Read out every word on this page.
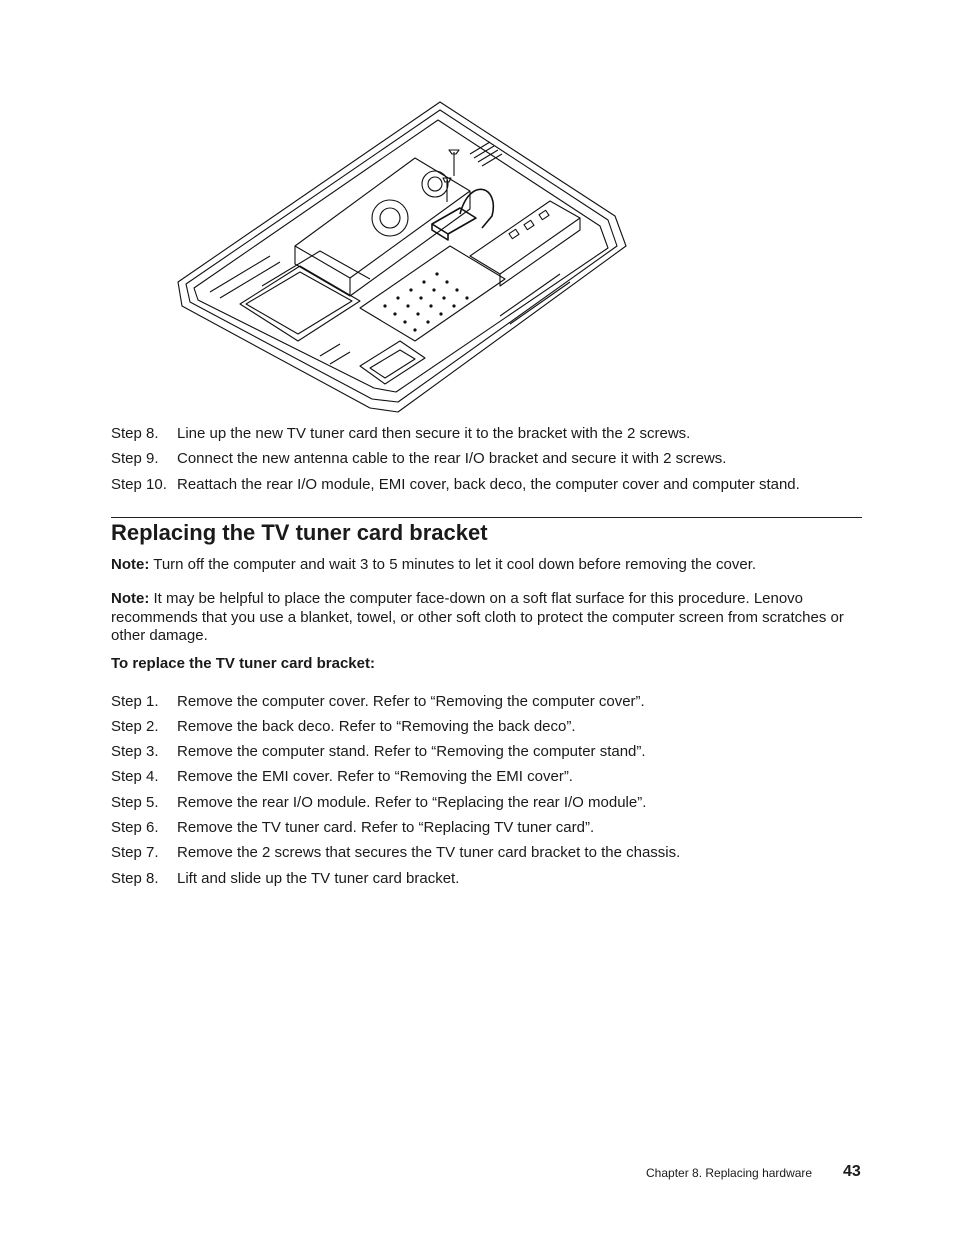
Step 8. Line up the new TV tuner card then secure it to the bracket with the 2 screws.
Step 9. Connect the new antenna cable to the rear I/O bracket and secure it with 2 screws.
Step 10. Reattach the rear I/O module, EMI cover, back deco, the computer cover and computer stand.
Replacing the TV tuner card bracket

Note: Turn off the computer and wait 3 to 5 minutes to let it cool down before removing the cover.

Note: It may be helpful to place the computer face-down on a soft flat surface for this procedure. Lenovo recommends that you use a blanket, towel, or other soft cloth to protect the computer screen from scratches or other damage.

To replace the TV tuner card bracket:

Step 1. Remove the computer cover. Refer to “Removing the computer cover”.
Step 2. Remove the back deco. Refer to “Removing the back deco”.
Step 3. Remove the computer stand. Refer to “Removing the computer stand”.
Step 4. Remove the EMI cover. Refer to “Removing the EMI cover”.
Step 5. Remove the rear I/O module. Refer to “Replacing the rear I/O module”.
Step 6. Remove the TV tuner card. Refer to “Replacing TV tuner card”.
Step 7. Remove the 2 screws that secures the TV tuner card bracket to the chassis.
Step 8. Lift and slide up the TV tuner card bracket.
Chapter 8. Replacing hardware 43
